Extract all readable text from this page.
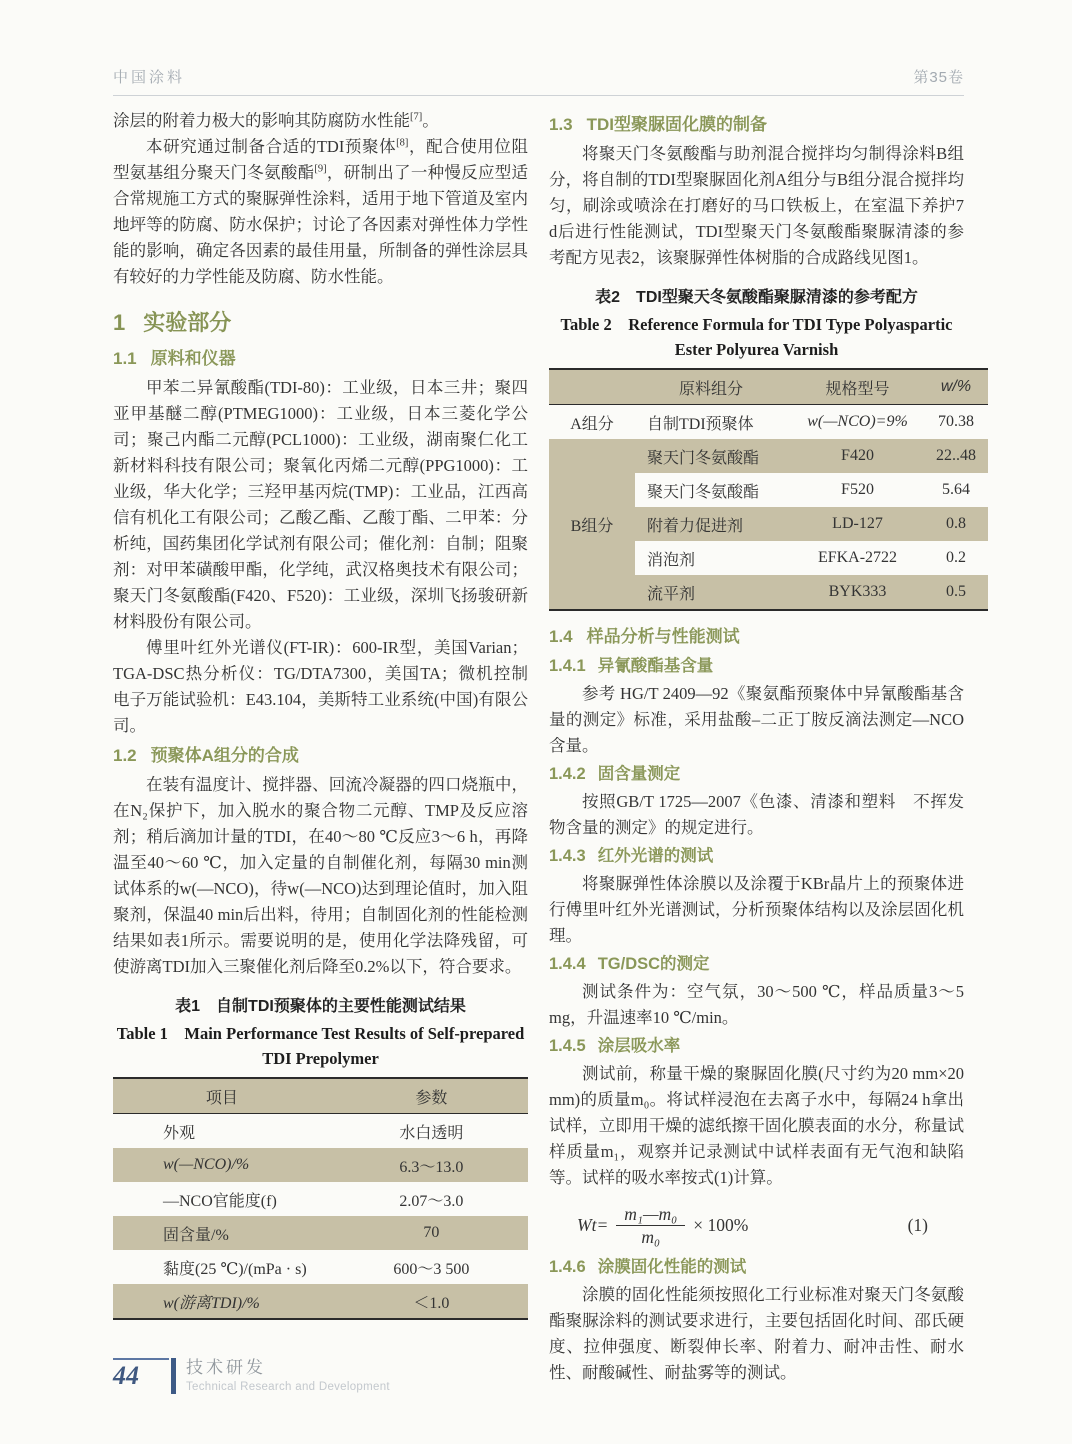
中国涂料	第35卷

涂层的附着力极大的影响其防腐防水性能[7]。

本研究通过制备合适的TDI预聚体[8]，配合使用位阻型氨基组分聚天门冬氨酸酯[9]，研制出了一种慢反应型适合常规施工方式的聚脲弹性涂料，适用于地下管道及室内地坪等的防腐、防水保护；讨论了各因素对弹性体力学性能的影响，确定各因素的最佳用量，所制备的弹性涂层具有较好的力学性能及防腐、防水性能。

1 实验部分
1.1 原料和仪器

甲苯二异氰酸酯(TDI-80)：工业级，日本三井；聚四亚甲基醚二醇(PTMEG1000)：工业级，日本三菱化学公司；聚己内酯二元醇(PCL1000)：工业级，湖南聚仁化工新材料科技有限公司；聚氧化丙烯二元醇(PPG1000)：工业级，华大化学；三羟甲基丙烷(TMP)：工业品，江西高信有机化工有限公司；乙酸乙酯、乙酸丁酯、二甲苯：分析纯，国药集团化学试剂有限公司；催化剂：自制；阻聚剂：对甲苯磺酸甲酯，化学纯，武汉格奥技术有限公司；聚天门冬氨酸酯(F420、F520)：工业级，深圳飞扬骏研新材料股份有限公司。

傅里叶红外光谱仪(FT-IR)：600-IR型，美国Varian；TGA-DSC热分析仪：TG/DTA7300，美国TA；微机控制电子万能试验机：E43.104，美斯特工业系统(中国)有限公司。

1.2 预聚体A组分的合成

在装有温度计、搅拌器、回流冷凝器的四口烧瓶中，在N₂保护下，加入脱水的聚合物二元醇、TMP及反应溶剂；稍后滴加计量的TDI，在40～80 ℃反应3～6 h，再降温至40～60 ℃，加入定量的自制催化剂，每隔30 min测试体系的w(—NCO)，待w(—NCO)达到理论值时，加入阻聚剂，保温40 min后出料，待用；自制固化剂的性能检测结果如表1所示。需要说明的是，使用化学法降残留，可使游离TDI加入三聚催化剂后降至0.2%以下，符合要求。

表1　自制TDI预聚体的主要性能测试结果
Table 1　Main Performance Test Results of Self-prepared TDI Prepolymer
项目	参数
外观	水白透明
w(—NCO)/%	6.3～13.0
—NCO官能度(f)	2.07～3.0
固含量/%	70
黏度(25 ℃)/(mPa · s)	600～3 500
w(游离TDI)/%	＜1.0
1.3 TDI型聚脲固化膜的制备

将聚天门冬氨酸酯与助剂混合搅拌均匀制得涂料B组分，将自制的TDI型聚脲固化剂A组分与B组分混合搅拌均匀，刷涂或喷涂在打磨好的马口铁板上，在室温下养护7 d后进行性能测试，TDI型聚天门冬氨酸酯聚脲清漆的参考配方见表2，该聚脲弹性体树脂的合成路线见图1。

表2　TDI型聚天冬氨酸酯聚脲清漆的参考配方
Table 2　Reference Formula for TDI Type Polyaspartic Ester Polyurea Varnish
	原料组分	规格型号	w/%
A组分	自制TDI预聚体	w(—NCO)=9%	70.38
B组分	聚天门冬氨酸酯	F420	22..48
	聚天门冬氨酸酯	F520	5.64
	附着力促进剂	LD-127	0.8
	消泡剂	EFKA-2722	0.2
	流平剂	BYK333	0.5
1.4 样品分析与性能测试
1.4.1 异氰酸酯基含量

参考 HG/T 2409—92《聚氨酯预聚体中异氰酸酯基含量的测定》标准，采用盐酸–二正丁胺反滴法测定—NCO含量。

1.4.2 固含量测定

按照GB/T 1725—2007《色漆、清漆和塑料　不挥发物含量的测定》的规定进行。

1.4.3 红外光谱的测试

将聚脲弹性体涂膜以及涂覆于KBr晶片上的预聚体进行傅里叶红外光谱测试，分析预聚体结构以及涂层固化机理。

1.4.4 TG/DSC的测定

测试条件为：空气氛，30～500 ℃，样品质量3～5 mg，升温速率10 ℃/min。

1.4.5 涂层吸水率

测试前，称量干燥的聚脲固化膜(尺寸约为20 mm×20 mm)的质量m₀。将试样浸泡在去离子水中，每隔24 h拿出试样，立即用干燥的滤纸擦干固化膜表面的水分，称量试样质量m₁，观察并记录测试中试样表面有无气泡和缺陷等。试样的吸水率按式(1)计算。

$Wt = \frac{\text{m₁—m₀}}{\text{m₀}} \times 100\%$	(1)
1.4.6 涂膜固化性能的测试

涂膜的固化性能须按照化工行业标准对聚天门冬氨酸酯聚脲涂料的测试要求进行，主要包括固化时间、邵氏硬度、拉伸强度、断裂伸长率、附着力、耐冲击性、耐水性、耐酸碱性、耐盐雾等的测试。

44	技术研发
Technical Research and Development
